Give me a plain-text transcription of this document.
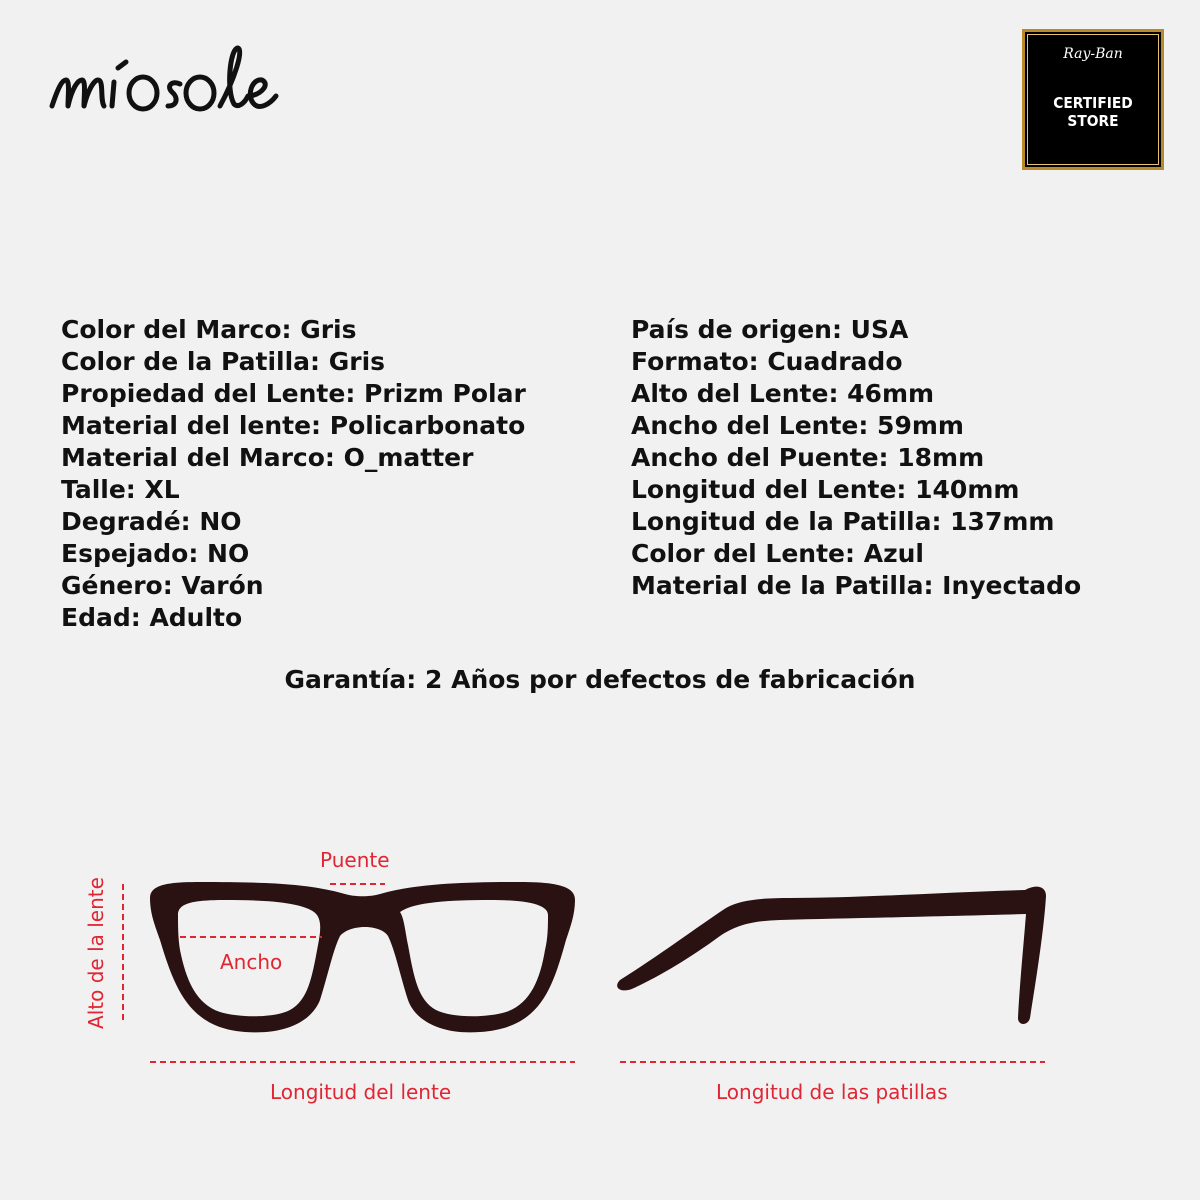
Ray-Ban
CERTIFIED
STORE
Color del Marco: Gris
Color de la Patilla: Gris
Propiedad del Lente: Prizm Polar
Material del lente: Policarbonato
Material del Marco: O_matter
Talle: XL
Degradé: NO
Espejado: NO
Género: Varón
Edad: Adulto
País de origen: USA
Formato: Cuadrado
Alto del Lente: 46mm
Ancho del Lente: 59mm
Ancho del Puente: 18mm
Longitud del Lente: 140mm
Longitud de la Patilla: 137mm
Color del Lente: Azul
Material de la Patilla: Inyectado
Garantía: 2 Años por defectos de fabricación
Puente
Ancho
Alto de la lente
Longitud del lente	Longitud de las patillas
